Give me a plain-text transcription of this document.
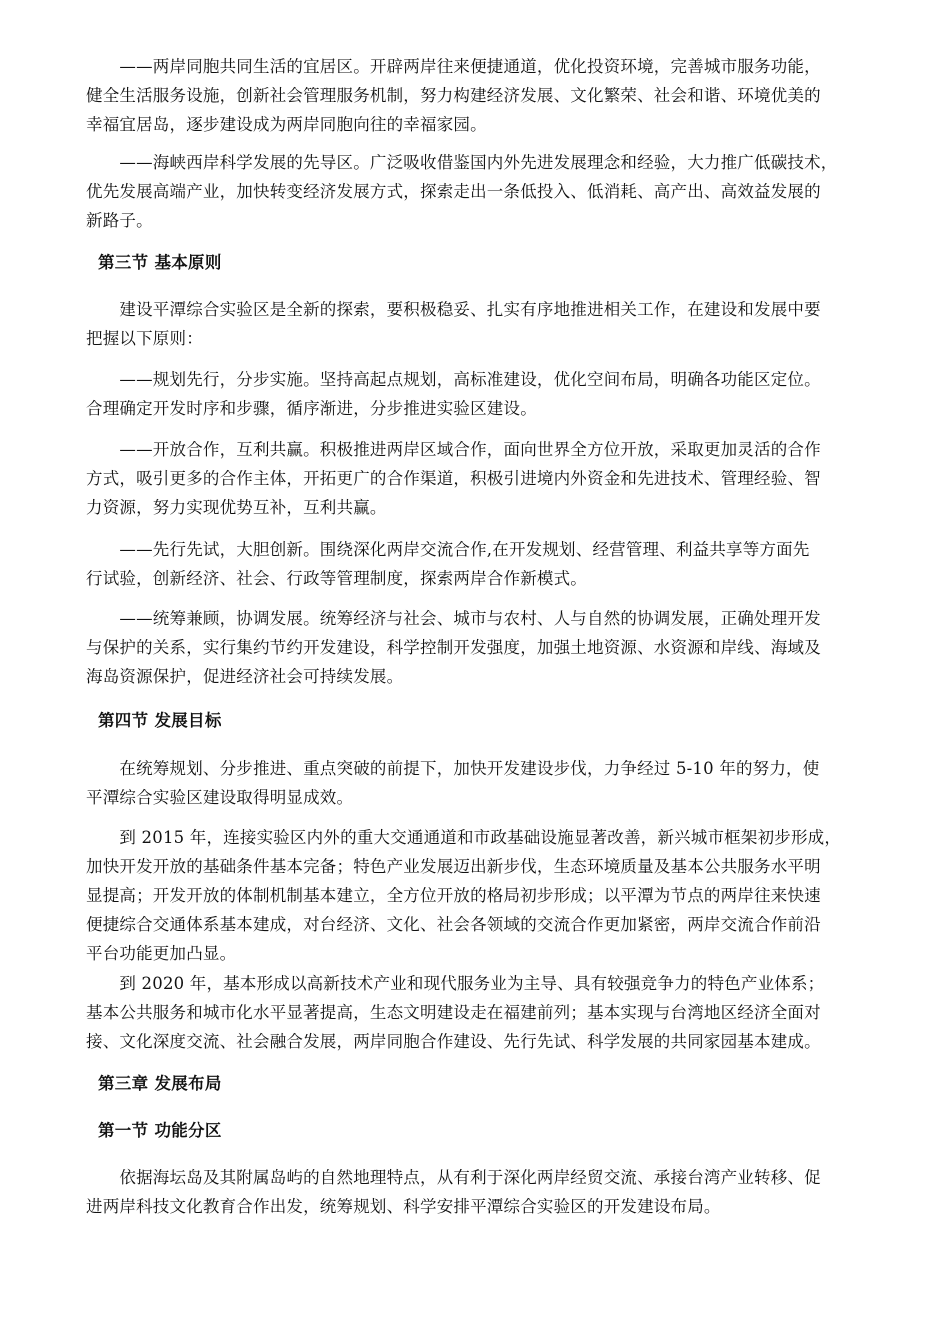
　　——两岸同胞共同生活的宜居区。开辟两岸往来便捷通道，优化投资环境，完善城市服务功能，
健全生活服务设施，创新社会管理服务机制，努力构建经济发展、文化繁荣、社会和谐、环境优美的
幸福宜居岛，逐步建设成为两岸同胞向往的幸福家园。

　　——海峡西岸科学发展的先导区。广泛吸收借鉴国内外先进发展理念和经验，大力推广低碳技术，
优先发展高端产业，加快转变经济发展方式，探索走出一条低投入、低消耗、高产出、高效益发展的
新路子。

第三节 基本原则

　　建设平潭综合实验区是全新的探索，要积极稳妥、扎实有序地推进相关工作，在建设和发展中要
把握以下原则：

　　——规划先行，分步实施。坚持高起点规划，高标准建设，优化空间布局，明确各功能区定位。
合理确定开发时序和步骤，循序渐进，分步推进实验区建设。

　　——开放合作，互利共赢。积极推进两岸区域合作，面向世界全方位开放，采取更加灵活的合作
方式，吸引更多的合作主体，开拓更广的合作渠道，积极引进境内外资金和先进技术、管理经验、智
力资源，努力实现优势互补，互利共赢。

　　——先行先试，大胆创新。围绕深化两岸交流合作,在开发规划、经营管理、利益共享等方面先
行试验，创新经济、社会、行政等管理制度，探索两岸合作新模式。

　　——统筹兼顾，协调发展。统筹经济与社会、城市与农村、人与自然的协调发展，正确处理开发
与保护的关系，实行集约节约开发建设，科学控制开发强度，加强土地资源、水资源和岸线、海域及
海岛资源保护，促进经济社会可持续发展。

第四节 发展目标

　　在统筹规划、分步推进、重点突破的前提下，加快开发建设步伐，力争经过 5-10 年的努力，使
平潭综合实验区建设取得明显成效。

　　到 2015 年，连接实验区内外的重大交通通道和市政基础设施显著改善，新兴城市框架初步形成，
加快开发开放的基础条件基本完备；特色产业发展迈出新步伐，生态环境质量及基本公共服务水平明
显提高；开发开放的体制机制基本建立，全方位开放的格局初步形成；以平潭为节点的两岸往来快速
便捷综合交通体系基本建成，对台经济、文化、社会各领域的交流合作更加紧密，两岸交流合作前沿
平台功能更加凸显。

　　到 2020 年，基本形成以高新技术产业和现代服务业为主导、具有较强竞争力的特色产业体系；
基本公共服务和城市化水平显著提高，生态文明建设走在福建前列；基本实现与台湾地区经济全面对
接、文化深度交流、社会融合发展，两岸同胞合作建设、先行先试、科学发展的共同家园基本建成。

第三章 发展布局
第一节 功能分区

　　依据海坛岛及其附属岛屿的自然地理特点，从有利于深化两岸经贸交流、承接台湾产业转移、促
进两岸科技文化教育合作出发，统筹规划、科学安排平潭综合实验区的开发建设布局。
